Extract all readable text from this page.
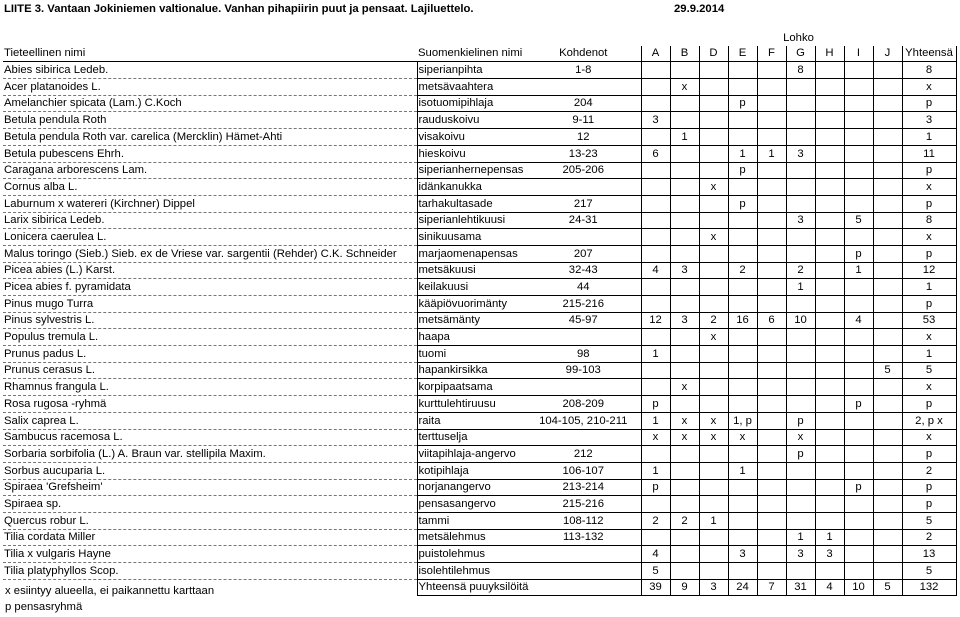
LIITE 3. Vantaan Jokiniemen valtionalue. Vanhan pihapiirin puut ja pensaat. Lajiluettelo.	29.9.2014
			Lohko									
Tieteellinen nimi	Suomenkielinen nimi	Kohdenot	A	B	D	E	F	G	H	I	J	Yhteensä
Abies sibirica Ledeb.	siperianpihta	1-8						8				8
Acer platanoides L.	metsävaahtera			x								x
Amelanchier spicata (Lam.) C.Koch	isotuomipihlaja	204				p						p
Betula pendula Roth	rauduskoivu	9-11	3									3
Betula pendula Roth var. carelica (Mercklin) Hämet-Ahti	visakoivu	12		1								1
Betula pubescens Ehrh.	hieskoivu	13-23	6			1	1	3				11
Caragana arborescens Lam.	siperianhernepensas	205-206				p						p
Cornus alba L.	idänkanukka				x							x
Laburnum x watereri (Kirchner) Dippel	tarhakultasade	217				p						p
Larix sibirica Ledeb.	siperianlehtikuusi	24-31						3		5		8
Lonicera caerulea L.	sinikuusama				x							x
Malus toringo (Sieb.) Sieb. ex de Vriese var. sargentii (Rehder) C.K. Schneider	marjaomenapensas	207								p		p
Picea abies (L.) Karst.	metsäkuusi	32-43	4	3		2		2		1		12
Picea abies f. pyramidata	keilakuusi	44						1				1
Pinus mugo Turra	kääpiövuorimänty	215-216										p
Pinus sylvestris L.	metsämänty	45-97	12	3	2	16	6	10		4		53
Populus tremula L.	haapa				x							x
Prunus padus L.	tuomi	98	1									1
Prunus cerasus L.	hapankirsikka	99-103									5	5
Rhamnus frangula L.	korpipaatsama			x								x
Rosa rugosa -ryhmä	kurttulehtiruusu	208-209	p							p		p
Salix caprea L.	raita	104-105, 210-211	1	x	x	1, p		p				2, p x
Sambucus racemosa L.	terttuselja		x	x	x	x		x				x
Sorbaria sorbifolia (L.) A. Braun var. stellipila Maxim.	viitapihlaja-angervo	212						p				p
Sorbus aucuparia L.	kotipihlaja	106-107	1			1						2
Spiraea 'Grefsheim'	norjanangervo	213-214	p							p		p
Spiraea sp.	pensasangervo	215-216										p
Quercus robur L.	tammi	108-112	2	2	1							5
Tilia cordata Miller	metsälehmus	113-132						1	1			2
Tilia x vulgaris Hayne	puistolehmus		4			3		3	3			13
Tilia platyphyllos Scop.	isolehtilehmus		5									5
	Yhteensä puuyksilöitä		39	9	3	24	7	31	4	10	5	132
x esiintyy alueella, ei paikannettu karttaan
p pensasryhmä
